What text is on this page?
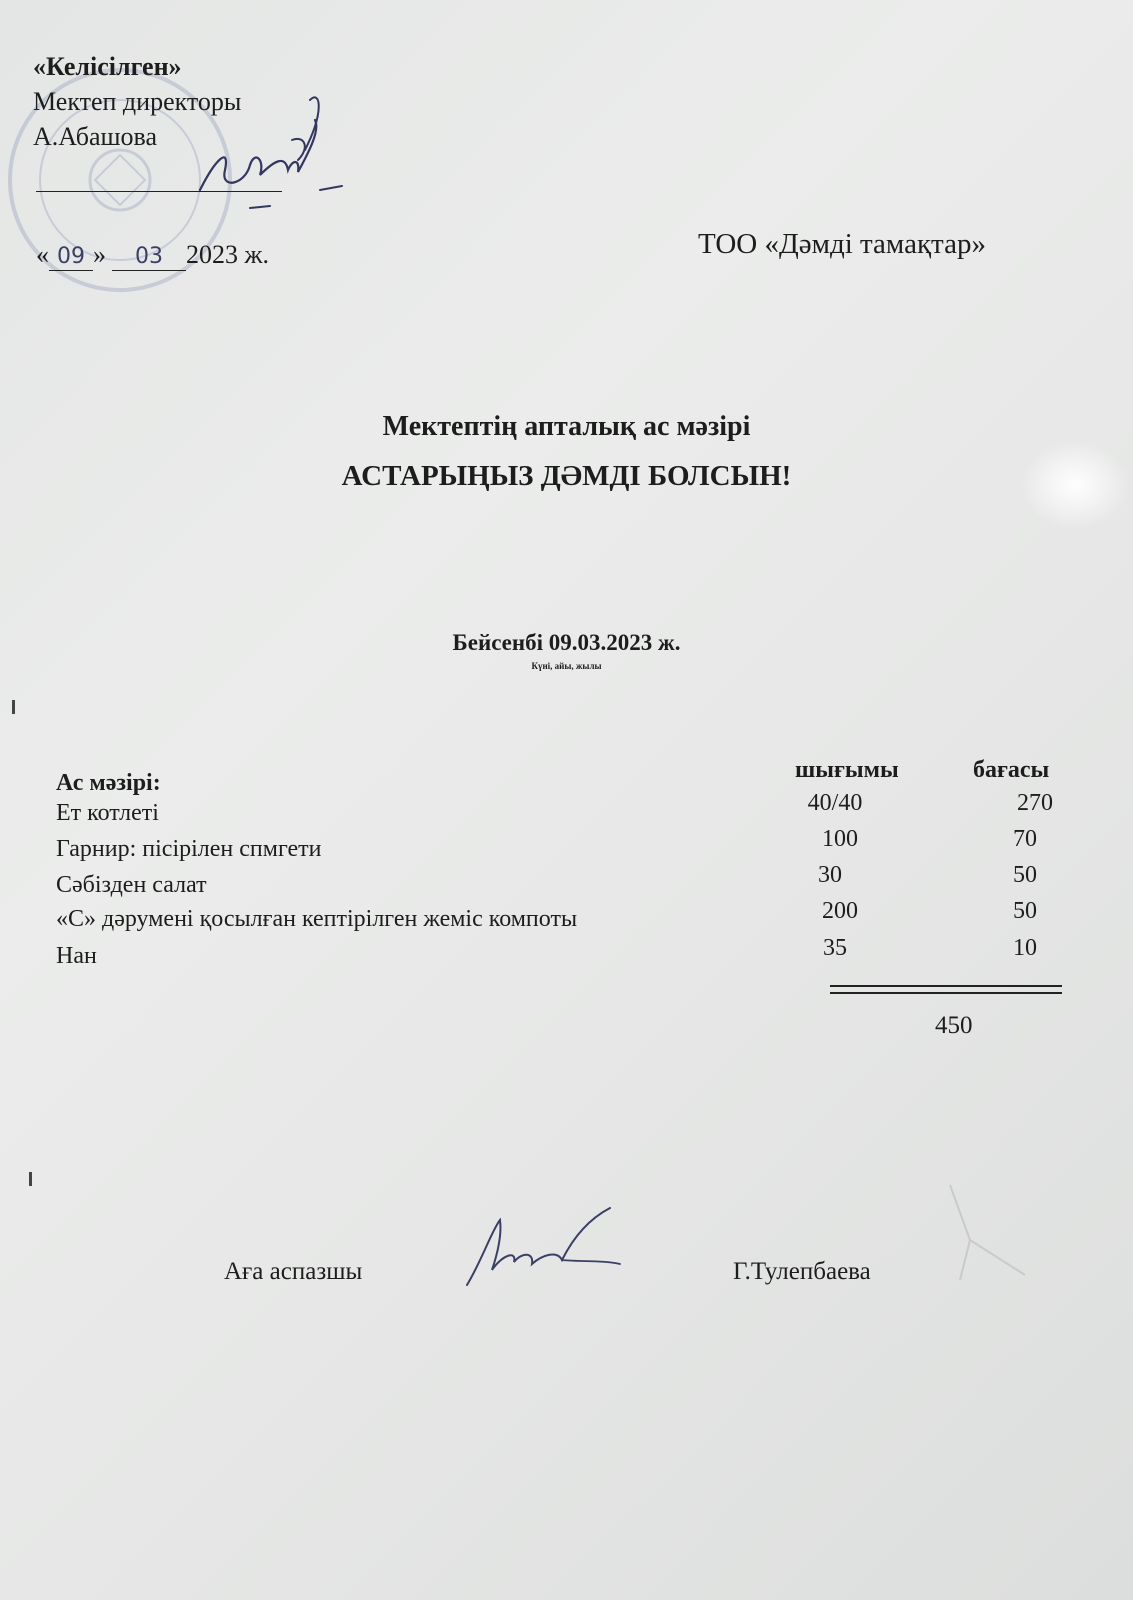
«Келісілген»
Мектеп директоры
А.Абашова
« 09 » 03 2023 ж.	ТОО «Дәмді тамақтар»
Мектептің апталық ас мәзірі
АСТАРЫҢЫЗ ДӘМДІ БОЛСЫН!
Бейсенбі 09.03.2023 ж.
Күні, айы, жылы
Ас мәзірі:	шығымы	бағасы
Ет котлеті	40/40	270
Гарнир: пісірілен спмгети	100	70
Сәбізден салат	30	50
«С» дәрумені қосылған кептірілген жеміс компоты	200	50
Нан	35	10
450
Аға аспазшы	Г.Тулепбаева
